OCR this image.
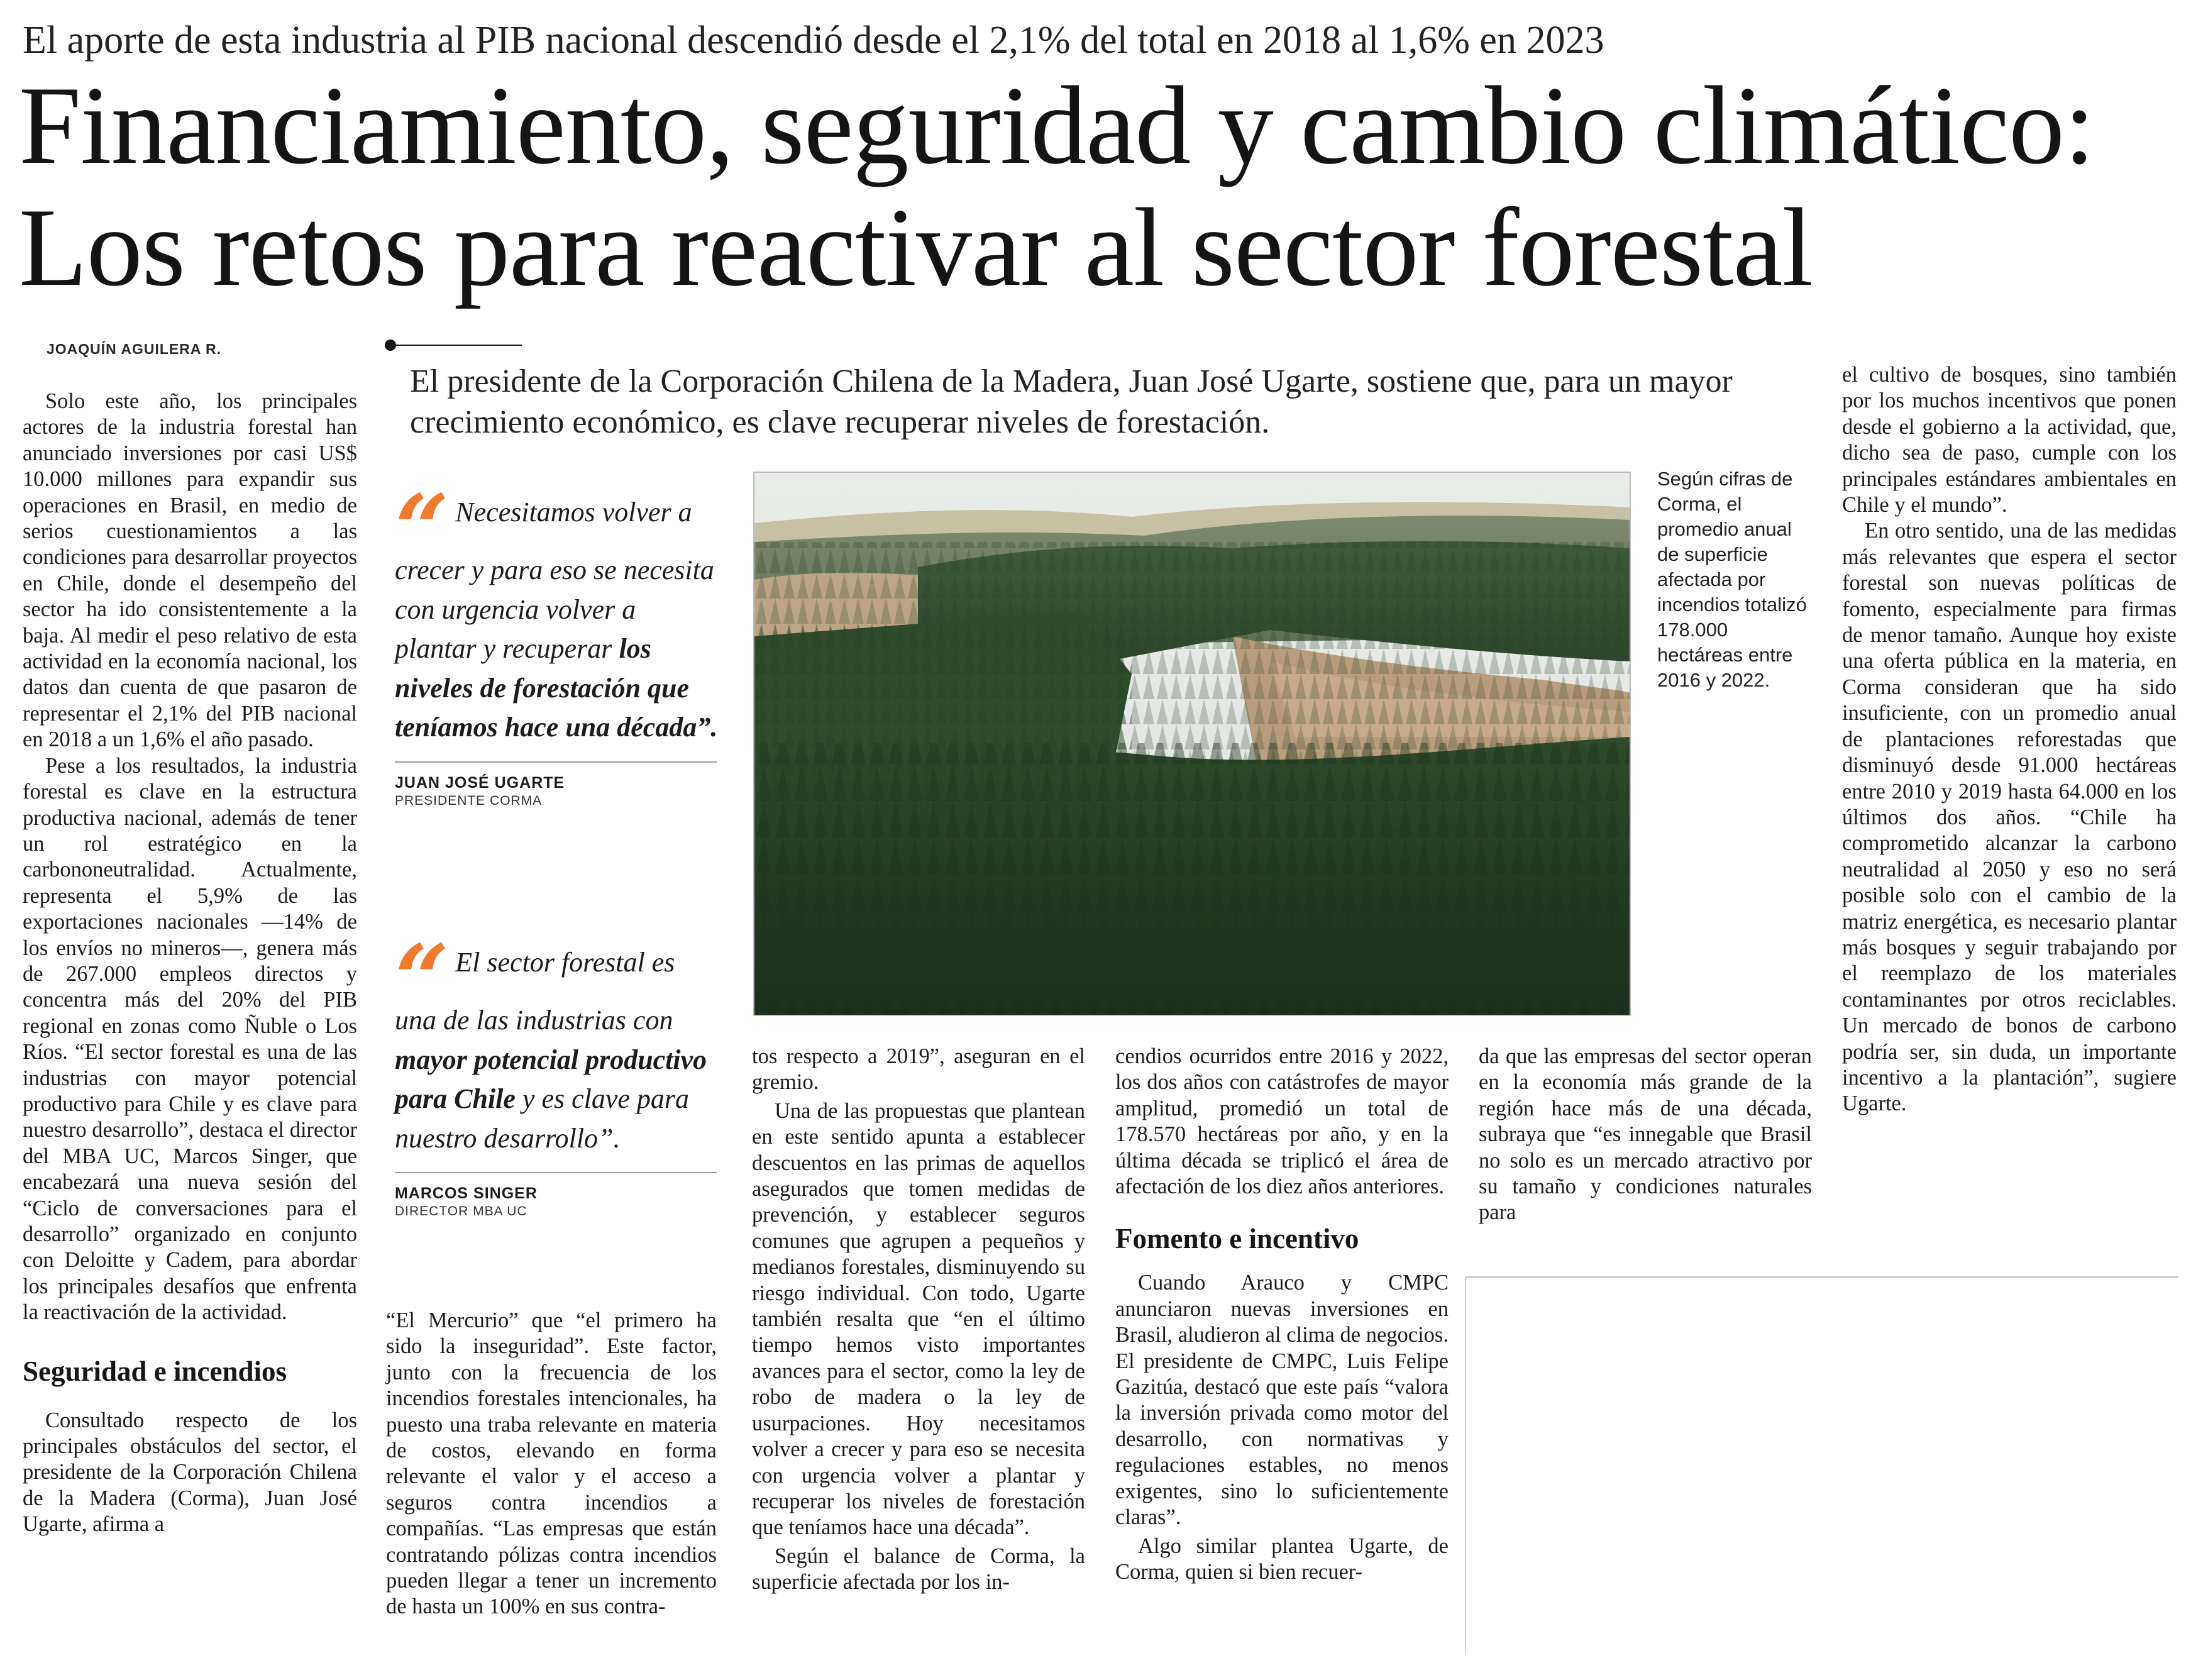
El aporte de esta industria al PIB nacional descendió desde el 2,1% del total en 2018 al 1,6% en 2023
Financiamiento, seguridad y cambio climático:
Los retos para reactivar al sector forestal
JOAQUÍN AGUILERA R.
El presidente de la Corporación Chilena de la Madera, Juan José Ugarte, sostiene que, para un mayor crecimiento económico, es clave recuperar niveles de forestación.

Solo este año, los principales actores de la industria forestal han anunciado inversiones por casi US$ 10.000 millones para expandir sus operaciones en Brasil, en medio de serios cuestionamientos a las condiciones para desarrollar proyectos en Chile, donde el desempeño del sector ha ido consistentemente a la baja. Al medir el peso relativo de esta actividad en la economía nacional, los datos dan cuenta de que pasaron de representar el 2,1% del PIB nacional en 2018 a un 1,6% el año pasado.

Pese a los resultados, la industria forestal es clave en la estructura productiva nacional, además de tener un rol estratégico en la carbononeutralidad. Actualmente, representa el 5,9% de las exportaciones nacionales —14% de los envíos no mineros—, genera más de 267.000 empleos directos y concentra más del 20% del PIB regional en zonas como Ñuble o Los Ríos. “El sector forestal es una de las industrias con mayor potencial productivo para Chile y es clave para nuestro desarrollo”, destaca el director del MBA UC, Marcos Singer, que encabezará una nueva sesión del “Ciclo de conversaciones para el desarrollo” organizado en conjunto con Deloitte y Cadem, para abordar los principales desafíos que enfrenta la reactivación de la actividad.

Seguridad e incendios

Consultado respecto de los principales obstáculos del sector, el presidente de la Corporación Chilena de la Madera (Corma), Juan José Ugarte, afirma a

“ Necesitamos volver a crecer y para eso se necesita con urgencia volver a plantar y recuperar los niveles de forestación que teníamos hace una década”.
JUAN JOSÉ UGARTE
PRESIDENTE CORMA
“ El sector forestal es una de las industrias con mayor potencial productivo para Chile y es clave para nuestro desarrollo”.
MARCOS SINGER
DIRECTOR MBA UC

“El Mercurio” que “el primero ha sido la inseguridad”. Este factor, junto con la frecuencia de los incendios forestales intencionales, ha puesto una traba relevante en materia de costos, elevando en forma relevante el valor y el acceso a seguros contra incendios a compañías. “Las empresas que están contratando pólizas contra incendios pueden llegar a tener un incremento de hasta un 100% en sus contra-

Según cifras de Corma, el promedio anual de superficie afectada por incendios totalizó 178.000 hectáreas entre 2016 y 2022.

tos respecto a 2019”, aseguran en el gremio.

Una de las propuestas que plantean en este sentido apunta a establecer descuentos en las primas de aquellos asegurados que tomen medidas de prevención, y establecer seguros comunes que agrupen a pequeños y medianos forestales, disminuyendo su riesgo individual. Con todo, Ugarte también resalta que “en el último tiempo hemos visto importantes avances para el sector, como la ley de robo de madera o la ley de usurpaciones. Hoy necesitamos volver a crecer y para eso se necesita con urgencia volver a plantar y recuperar los niveles de forestación que teníamos hace una década”.

Según el balance de Corma, la superficie afectada por los in-

cendios ocurridos entre 2016 y 2022, los dos años con catástrofes de mayor amplitud, promedió un total de 178.570 hectáreas por año, y en la última década se triplicó el área de afectación de los diez años anteriores.

Fomento e incentivo

Cuando Arauco y CMPC anunciaron nuevas inversiones en Brasil, aludieron al clima de negocios. El presidente de CMPC, Luis Felipe Gazitúa, destacó que este país “valora la inversión privada como motor del desarrollo, con normativas y regulaciones estables, no menos exigentes, sino lo suficientemente claras”.

Algo similar plantea Ugarte, de Corma, quien si bien recuer-

da que las empresas del sector operan en la economía más grande de la región hace más de una década, subraya que “es innegable que Brasil no solo es un mercado atractivo por su tamaño y condiciones naturales para

el cultivo de bosques, sino también por los muchos incentivos que ponen desde el gobierno a la actividad, que, dicho sea de paso, cumple con los principales estándares ambientales en Chile y el mundo”.

En otro sentido, una de las medidas más relevantes que espera el sector forestal son nuevas políticas de fomento, especialmente para firmas de menor tamaño. Aunque hoy existe una oferta pública en la materia, en Corma consideran que ha sido insuficiente, con un promedio anual de plantaciones reforestadas que disminuyó desde 91.000 hectáreas entre 2010 y 2019 hasta 64.000 en los últimos dos años. “Chile ha comprometido alcanzar la carbono neutralidad al 2050 y eso no será posible solo con el cambio de la matriz energética, es necesario plantar más bosques y seguir trabajando por el reemplazo de los materiales contaminantes por otros reciclables. Un mercado de bonos de carbono podría ser, sin duda, un importante incentivo a la plantación”, sugiere Ugarte.
